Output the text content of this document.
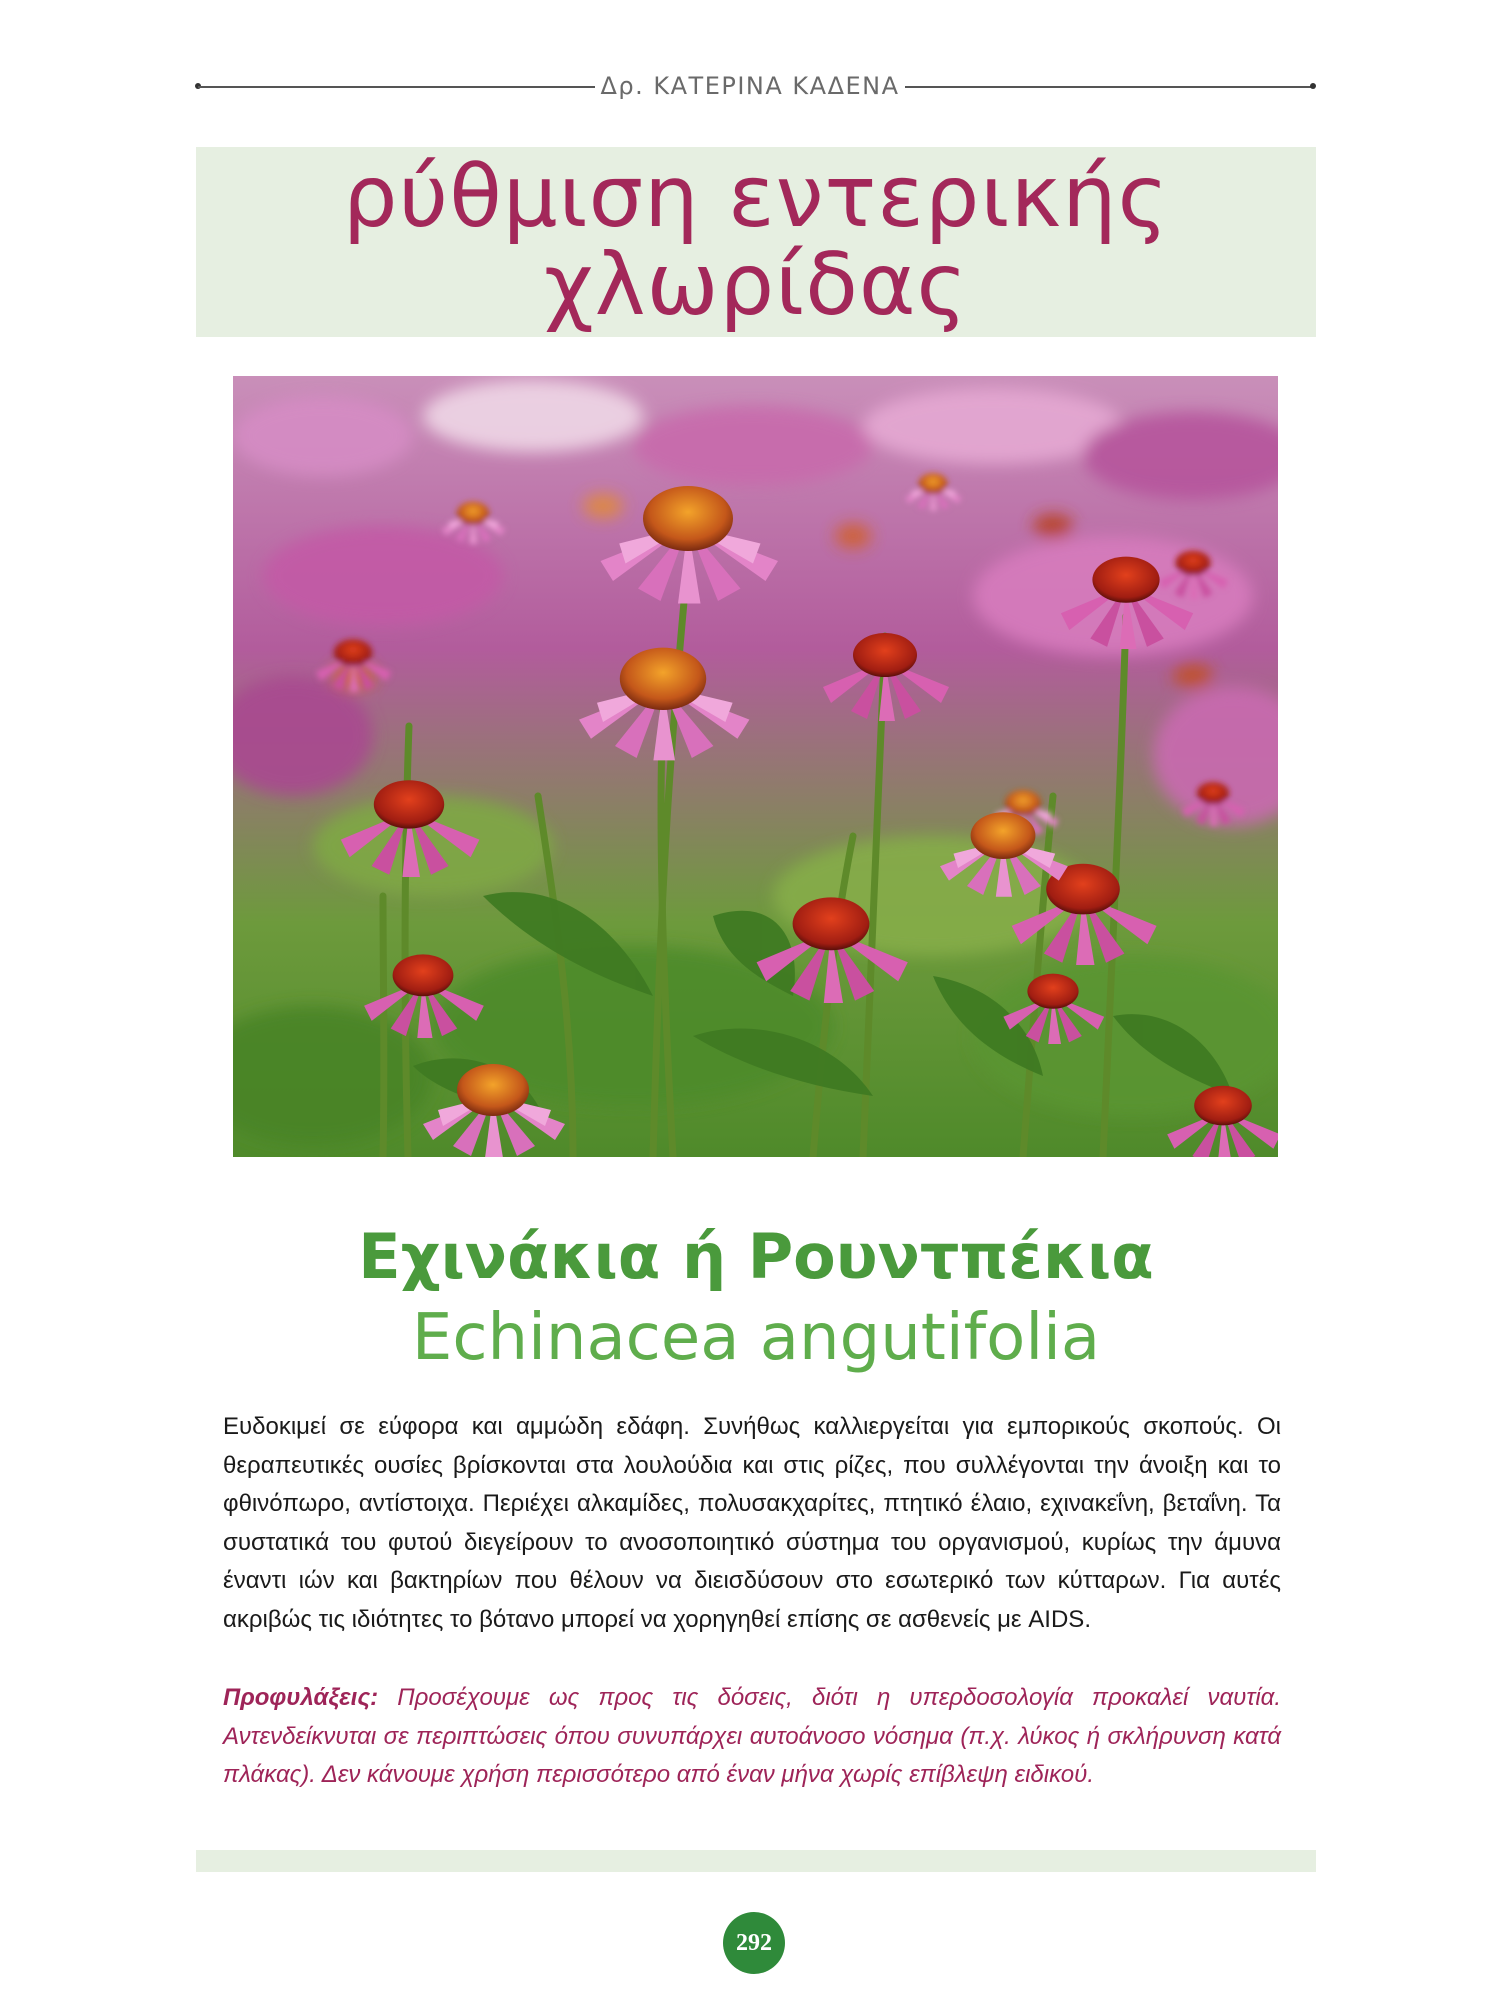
Δρ. ΚΑΤΕΡΙΝΑ ΚΑΔΕΝΑ
ρύθμιση εντερικής
χλωρίδας
Εχινάκια ή Ρουντπέκια
Echinacea angutifolia
Ευδοκιμεί σε εύφορα και αμμώδη εδάφη. Συνήθως καλλιεργείται για εμπορικούς σκοπούς. Οι θεραπευτικές ουσίες βρίσκονται στα λουλούδια και στις ρίζες, που συλλέγονται την άνοιξη και το φθινόπωρο, αντίστοιχα. Περιέχει αλκαμίδες, πολυσακχαρίτες, πτητικό έλαιο, εχινακεΐνη, βεταΐνη. Τα συστατικά του φυτού διεγείρουν το ανοσοποιητικό σύστημα του οργανισμού, κυρίως την άμυνα έναντι ιών και βακτηρίων που θέλουν να διεισδύσουν στο εσωτερικό των κύτταρων. Για αυτές ακριβώς τις ιδιότητες το βότανο μπορεί να χορηγηθεί επίσης σε ασθενείς με AIDS.
Προφυλάξεις: Προσέχουμε ως προς τις δόσεις, διότι η υπερδοσολογία προκαλεί ναυτία. Αντενδείκνυται σε περιπτώσεις όπου συνυπάρχει αυτοάνοσο νόσημα (π.χ. λύκος ή σκλήρυνση κατά πλάκας). Δεν κάνουμε χρήση περισσότερο από έναν μήνα χωρίς επίβλεψη ειδικού.
292
